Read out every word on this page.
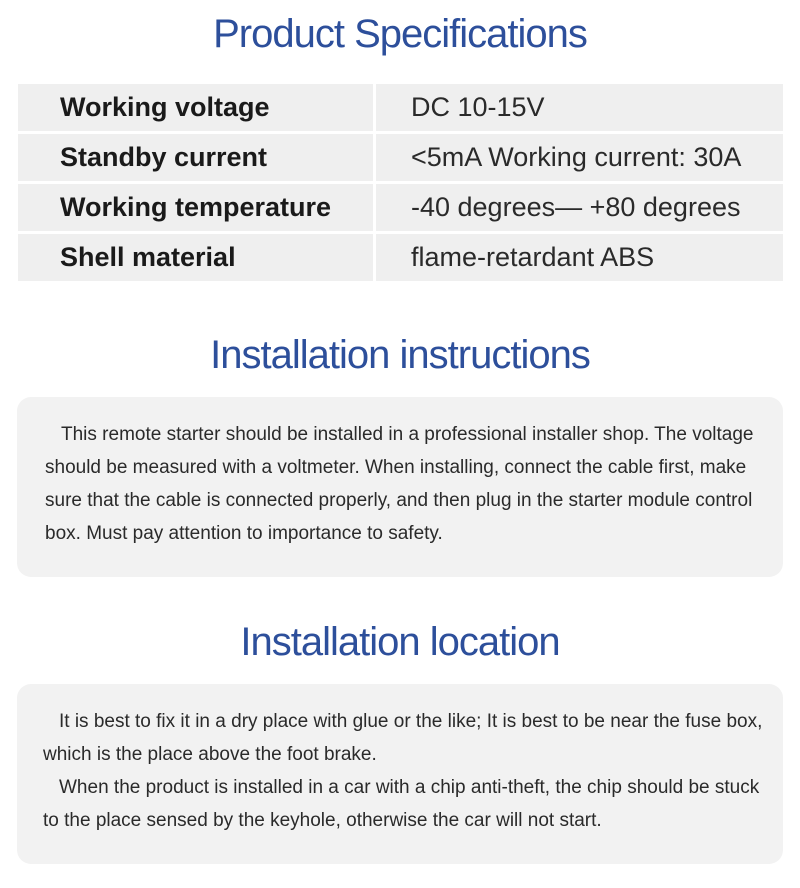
Product Specifications
Working voltage	DC 10-15V
Standby current	<5mA Working current: 30A
Working temperature	-40 degrees— +80 degrees
Shell material	flame-retardant ABS
Installation instructions

This remote starter should be installed in a professional installer shop. The voltage should be measured with a voltmeter. When installing, connect the cable first, make sure that the cable is connected properly, and then plug in the starter module control box. Must pay attention to importance to safety.

Installation location

It is best to fix it in a dry place with glue or the like; It is best to be near the fuse box, which is the place above the foot brake.

When the product is installed in a car with a chip anti-theft, the chip should be stuck to the place sensed by the keyhole, otherwise the car will not start.
